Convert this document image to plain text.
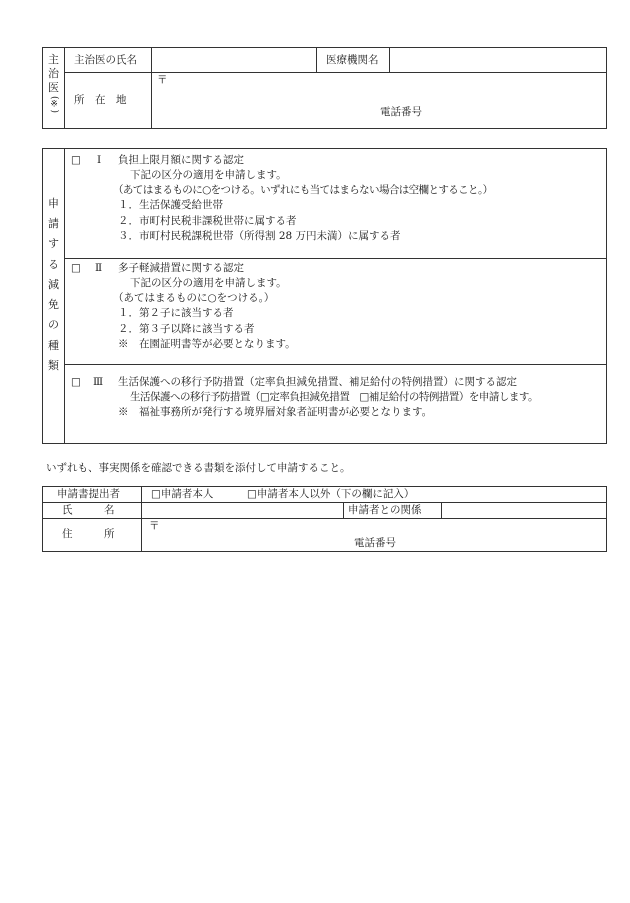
主
治
医
(※)
主治医の氏名	医療機関名
所　在　地
〒
電話番号
申
請
す
る
減
免
の
種
類
□ Ⅰ 負担上限月額に関する認定
下記の区分の適用を申請します。
（あてはまるものに○をつける。いずれにも当てはまらない場合は空欄とすること。）
１．生活保護受給世帯
２．市町村民税非課税世帯に属する者
３．市町村民税課税世帯（所得割 28 万円未満）に属する者
□ Ⅱ 多子軽減措置に関する認定
下記の区分の適用を申請します。
（あてはまるものに○をつける。）
１．第２子に該当する者
２．第３子以降に該当する者
※　在園証明書等が必要となります。
□ Ⅲ 生活保護への移行予防措置（定率負担減免措置、補足給付の特例措置）に関する認定
生活保護への移行予防措置（□定率負担減免措置　□補足給付の特例措置）を申請します。
※　福祉事務所が発行する境界層対象者証明書が必要となります。
いずれも、事実関係を確認できる書類を添付して申請すること。
申請書提出者	□申請者本人	□申請者本人以外（下の欄に記入）
氏　　　名	申請者との関係
住　　　所
〒
電話番号
